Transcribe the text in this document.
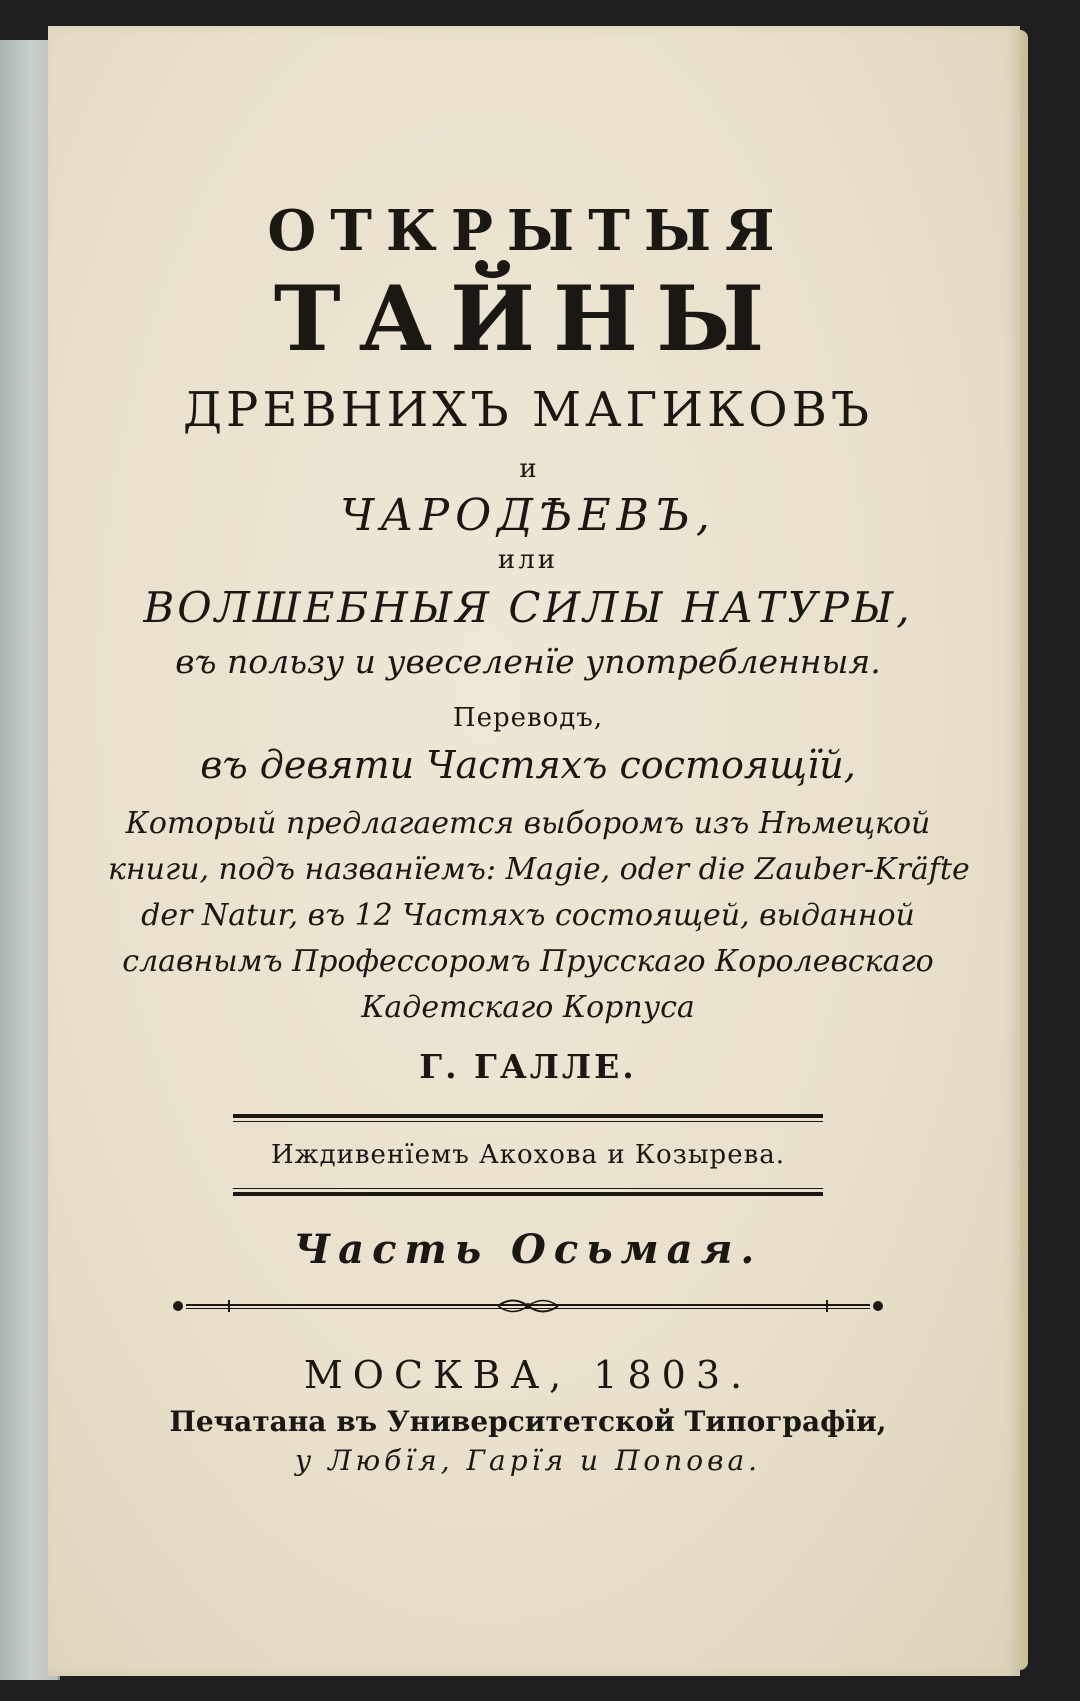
ОТКРЫТЫЯ
ТАЙНЫ
ДРЕВНИХЪ МАГИКОВЪ
и
ЧАРОДѢЕВЪ,
или
ВОЛШЕБНЫЯ СИЛЫ НАТУРЫ,
въ пользу и увеселенїе употребленныя.
Переводъ,
въ девяти Частяхъ состоящїй,
Который предлагается выборомъ изъ Нѣмецкой
книги, подъ названїемъ: Magie, oder die Zauber-Kräfte
der Natur, въ 12 Частяхъ состоящей, выданной
славнымъ Профессоромъ Прусскаго Королевскаго
Кадетскаго Корпуса
Г. ГАЛЛЕ.
Иждивенїемъ Акохова и Козырева.
Часть Осьмая.
МОСКВА, 1803.
Печатана въ Университетской Типографїи,
у Любїя, Гарїя и Попова.
